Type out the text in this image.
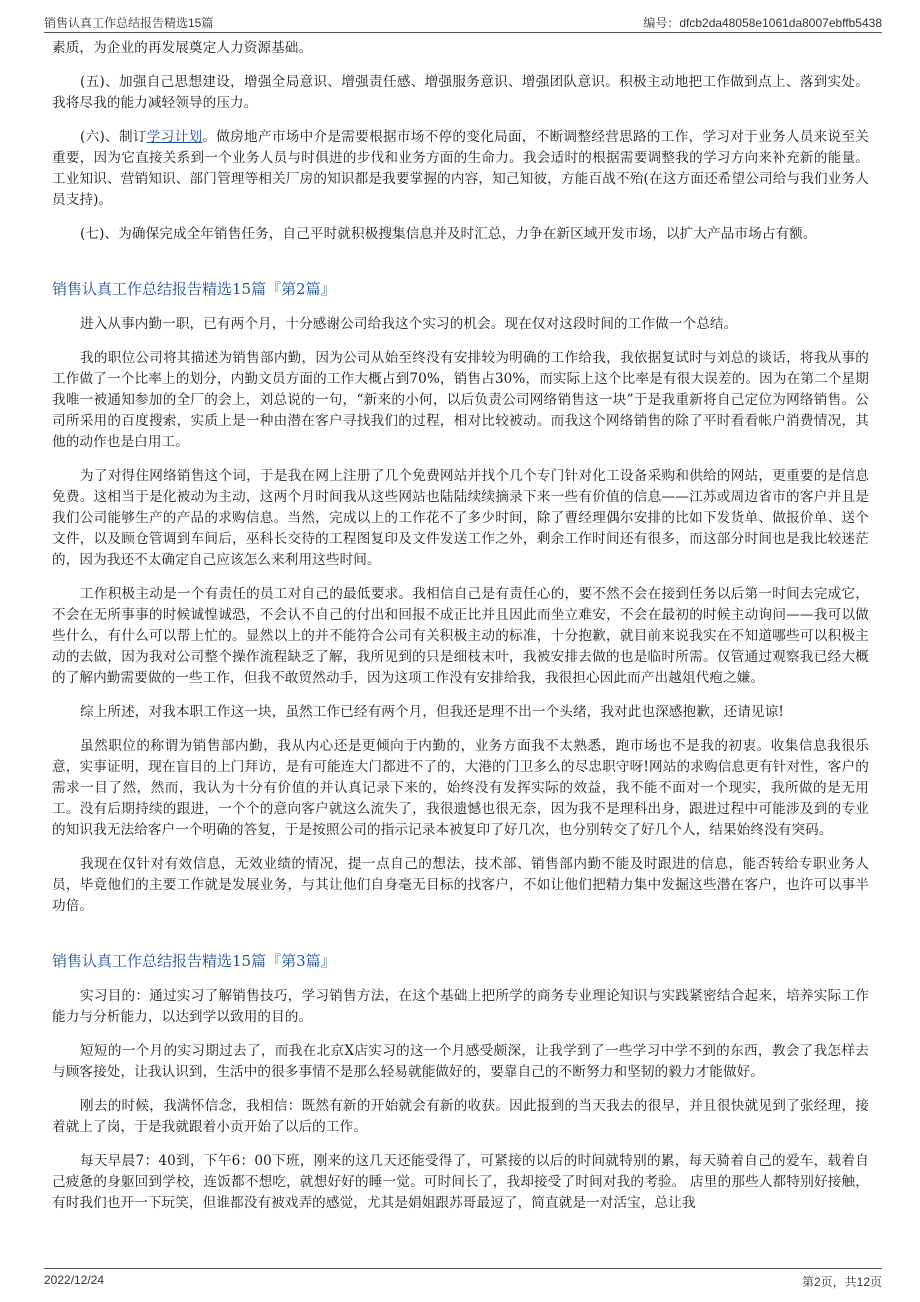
销售认真工作总结报告精选15篇	编号：dfcb2da48058e1061da8007ebffb5438

素质，为企业的再发展奠定人力资源基础。

(五)、加强自己思想建设，增强全局意识、增强责任感、增强服务意识、增强团队意识。积极主动地把工作做到点上、落到实处。我将尽我的能力减轻领导的压力。

(六)、制订学习计划。做房地产市场中介是需要根据市场不停的变化局面，不断调整经营思路的工作，学习对于业务人员来说至关重要，因为它直接关系到一个业务人员与时俱进的步伐和业务方面的生命力。我会适时的根据需要调整我的学习方向来补充新的能量。工业知识、营销知识、部门管理等相关厂房的知识都是我要掌握的内容，知己知彼，方能百战不殆(在这方面还希望公司给与我们业务人员支持)。

(七)、为确保完成全年销售任务，自己平时就积极搜集信息并及时汇总，力争在新区域开发市场，以扩大产品市场占有额。

销售认真工作总结报告精选15篇『第2篇』

进入从事内勤一职，已有两个月，十分感谢公司给我这个实习的机会。现在仅对这段时间的工作做一个总结。

我的职位公司将其描述为销售部内勤，因为公司从始至终没有安排较为明确的工作给我，我依据复试时与刘总的谈话，将我从事的工作做了一个比率上的划分，内勤文员方面的工作大概占到70%，销售占30%，而实际上这个比率是有很大误差的。因为在第二个星期我唯一被通知参加的全厂的会上，刘总说的一句，“新来的小何，以后负责公司网络销售这一块”于是我重新将自己定位为网络销售。公司所采用的百度搜索，实质上是一种由潜在客户寻找我们的过程，相对比较被动。而我这个网络销售的除了平时看看帐户消费情况，其他的动作也是白用工。

为了对得住网络销售这个词，于是我在网上注册了几个免费网站并找个几个专门针对化工设备采购和供给的网站，更重要的是信息免费。这相当于是化被动为主动，这两个月时间我从这些网站也陆陆续续摘录下来一些有价值的信息——江苏或周边省市的客户并且是我们公司能够生产的产品的求购信息。当然，完成以上的工作花不了多少时间，除了曹经理偶尔安排的比如下发货单、做报价单、送个文件，以及顾仓管调到车间后，巫科长交待的工程图复印及文件发送工作之外，剩余工作时间还有很多，而这部分时间也是我比较迷茫的，因为我还不太确定自己应该怎么来利用这些时间。

工作积极主动是一个有责任的员工对自己的最低要求。我相信自己是有责任心的，要不然不会在接到任务以后第一时间去完成它，不会在无所事事的时候诚惶诚恐，不会认不自己的付出和回报不成正比并且因此而坐立难安，不会在最初的时候主动询问——我可以做些什么，有什么可以帮上忙的。显然以上的并不能符合公司有关积极主动的标准，十分抱歉，就目前来说我实在不知道哪些可以积极主动的去做，因为我对公司整个操作流程缺乏了解，我所见到的只是细枝末叶，我被安排去做的也是临时所需。仅管通过观察我已经大概的了解内勤需要做的一些工作，但我不敢贸然动手，因为这项工作没有安排给我，我很担心因此而产出越俎代疱之嫌。

综上所述，对我本职工作这一块，虽然工作已经有两个月，但我还是理不出一个头绪，我对此也深感抱歉，还请见谅!

虽然职位的称谓为销售部内勤，我从内心还是更倾向于内勤的，业务方面我不太熟悉，跑市场也不是我的初衷。收集信息我很乐意，实事证明，现在盲目的上门拜访，是有可能连大门都进不了的，大港的门卫多么的尽忠职守呀!网站的求购信息更有针对性，客户的需求一目了然，然而，我认为十分有价值的并认真记录下来的，始终没有发挥实际的效益，我不能不面对一个现实，我所做的是无用工。没有后期持续的跟进，一个个的意向客户就这么流失了，我很遗憾也很无奈，因为我不是理科出身，跟进过程中可能涉及到的专业的知识我无法给客户一个明确的答复，于是按照公司的指示记录本被复印了好几次，也分别转交了好几个人，结果始终没有突码。

我现在仅针对有效信息，无效业绩的情况，提一点自己的想法，技术部、销售部内勤不能及时跟进的信息，能否转给专职业务人员，毕竟他们的主要工作就是发展业务，与其让他们自身毫无目标的找客户，不如让他们把精力集中发掘这些潜在客户，也许可以事半功倍。

销售认真工作总结报告精选15篇『第3篇』

实习目的：通过实习了解销售技巧，学习销售方法，在这个基础上把所学的商务专业理论知识与实践紧密结合起来，培养实际工作能力与分析能力，以达到学以致用的目的。

短短的一个月的实习期过去了，而我在北京X店实习的这一个月感受颇深，让我学到了一些学习中学不到的东西，教会了我怎样去与顾客接处，让我认识到，生活中的很多事情不是那么轻易就能做好的，要靠自己的不断努力和坚韧的毅力才能做好。

刚去的时候，我满怀信念，我相信：既然有新的开始就会有新的收获。因此报到的当天我去的很早，并且很快就见到了张经理，接着就上了岗，于是我就跟着小贡开始了以后的工作。

每天早晨7：40到，下午6：00下班，刚来的这几天还能受得了，可紧接的以后的时间就特别的累，每天骑着自己的爱车，载着自己疲惫的身躯回到学校，连饭都不想吃，就想好好的睡一觉。可时间长了，我却接受了时间对我的考验。 店里的那些人都特别好接触，有时我们也开一下玩笑，但谁都没有被戏弄的感觉，尤其是娟姐跟苏哥最逗了，简直就是一对活宝，总让我

2022/12/24	第2页，共12页
